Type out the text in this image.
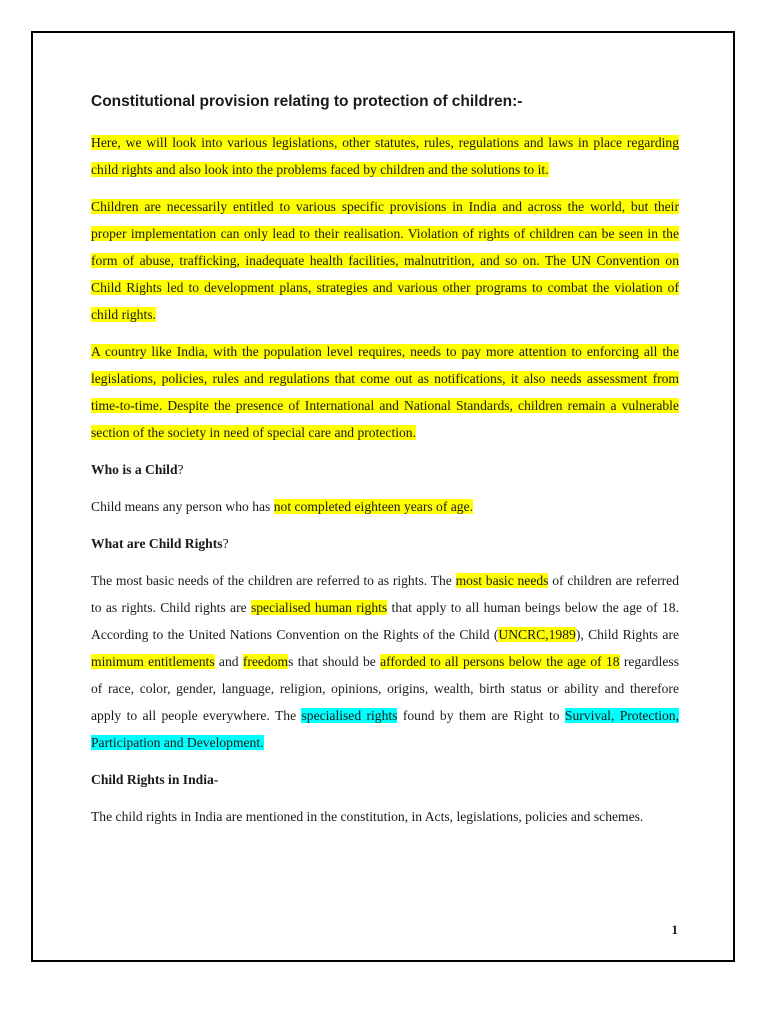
Constitutional provision relating to protection of children:-

Here, we will look into various legislations, other statutes, rules, regulations and laws in place regarding child rights and also look into the problems faced by children and the solutions to it.

Children are necessarily entitled to various specific provisions in India and across the world, but their proper implementation can only lead to their realisation. Violation of rights of children can be seen in the form of abuse, trafficking, inadequate health facilities, malnutrition, and so on. The UN Convention on Child Rights led to development plans, strategies and various other programs to combat the violation of child rights.

A country like India, with the population level requires, needs to pay more attention to enforcing all the legislations, policies, rules and regulations that come out as notifications, it also needs assessment from time-to-time. Despite the presence of International and National Standards, children remain a vulnerable section of the society in need of special care and protection.

Who is a Child?

Child means any person who has not completed eighteen years of age.

What are Child Rights?

The most basic needs of the children are referred to as rights. The most basic needs of children are referred to as rights. Child rights are specialised human rights that apply to all human beings below the age of 18. According to the United Nations Convention on the Rights of the Child (UNCRC,1989), Child Rights are minimum entitlements and freedoms that should be afforded to all persons below the age of 18 regardless of race, color, gender, language, religion, opinions, origins, wealth, birth status or ability and therefore apply to all people everywhere. The specialised rights found by them are Right to Survival, Protection, Participation and Development.

Child Rights in India-

The child rights in India are mentioned in the constitution, in Acts, legislations, policies and schemes.

1
